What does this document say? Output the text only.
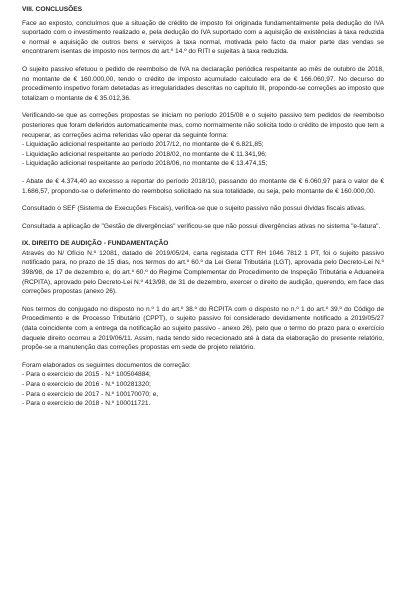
VIII. CONCLUSÕES
Face ao exposto, concluímos que a situação de crédito de imposto foi originada fundamentalmente pela dedução do IVA suportado com o investimento realizado e, pela dedução do IVA suportado com a aquisição de existências à taxa reduzida e normal e aquisição de outros bens e serviços à taxa normal, motivada pelo facto da maior parte das vendas se encontrarem isentas de imposto nos termos do art.º 14.º do RITI e sujeitas à taxa reduzida.
O sujeito passivo efetuou o pedido de reembolso de IVA na declaração periódica respeitante ao mês de outubro de 2018, no montante de € 160.000,00, tendo o crédito de imposto acumulado calculado era de € 166.060,97. No decurso do procedimento inspetivo foram detetadas as irregularidades descritas no capítulo III, propondo-se correções ao imposto que totalizam o montante de € 35.012,36.
Verificando-se que as correções propostas se iniciam no período 2015/08 e o sujeito passivo tem pedidos de reembolso posteriores que foram deferidos automaticamente mas, como normalmente não solicita todo o crédito de imposto que tem a recuperar, as correções acima referidas vão operar da seguinte forma:
- Liquidação adicional respeitante ao período 2017/12, no montante de € 6.821,85;
- Liquidação adicional respeitante ao período 2018/02, no montante de € 11.341,96;
- Liquidação adicional respeitante ao período 2018/06, no montante de € 13.474,15;
- Abate de € 4.374,40 ao excesso a reportar do período 2018/10, passando do montante de € 6.060,97 para o valor de € 1.686,57, propondo-se o deferimento do reembolso solicitado na sua totalidade, ou seja, pelo montante de € 160.000,00.
Consultado o SEF (Sistema de Execuções Fiscais), verifica-se que o sujeito passivo não possui dívidas fiscais ativas.
Consultada a aplicação de "Gestão de divergências" verificou-se que não possui divergências ativas no sistema "e-fatura".
IX. DIREITO DE AUDIÇÃO - FUNDAMENTAÇÃO
Através do N/ Ofício N.º 12081, datado de 2019/05/24, carta registada CTT RH 1046 7812 1 PT, foi o sujeito passivo notificado para, no prazo de 15 dias, nos termos do art.º 60.º da Lei Geral Tributária (LGT), aprovada pelo Decreto-Lei N.º 398/98, de 17 de dezembro e, do art.º 60.º do Regime Complementar do Procedimento de Inspeção Tributária e Aduaneira (RCPITA), aprovado pelo Decreto-Lei N.º 413/98, de 31 de dezembro, exercer o direito de audição, querendo, em face das correções propostas (anexo 26).
Nos termos do conjugado no disposto no n.º 1 do art.º 38.º do RCPITA com o disposto no n.º 1 do art.º 39.º do Código de Procedimento e de Processo Tributário (CPPT), o sujeito passivo foi considerado devidamente notificado a 2019/05/27 (data coincidente com a entrega da notificação ao sujeito passivo - anexo 26), pelo que o termo do prazo para o exercício daquele direito ocorreu a 2019/06/11. Assim, nada tendo sido rececionado até à data da elaboração do presente relatório, propõe-se a manutenção das correções propostas em sede de projeto relatório.
Foram elaborados os seguintes documentos de correção:
- Para o exercício de 2015 - N.º 100504884;
- Para o exercício de 2016 - N.º 100281320;
- Para o exercício de 2017 - N.º 100170070; e,
- Para o exercício de 2018 - N.º 100011721.
